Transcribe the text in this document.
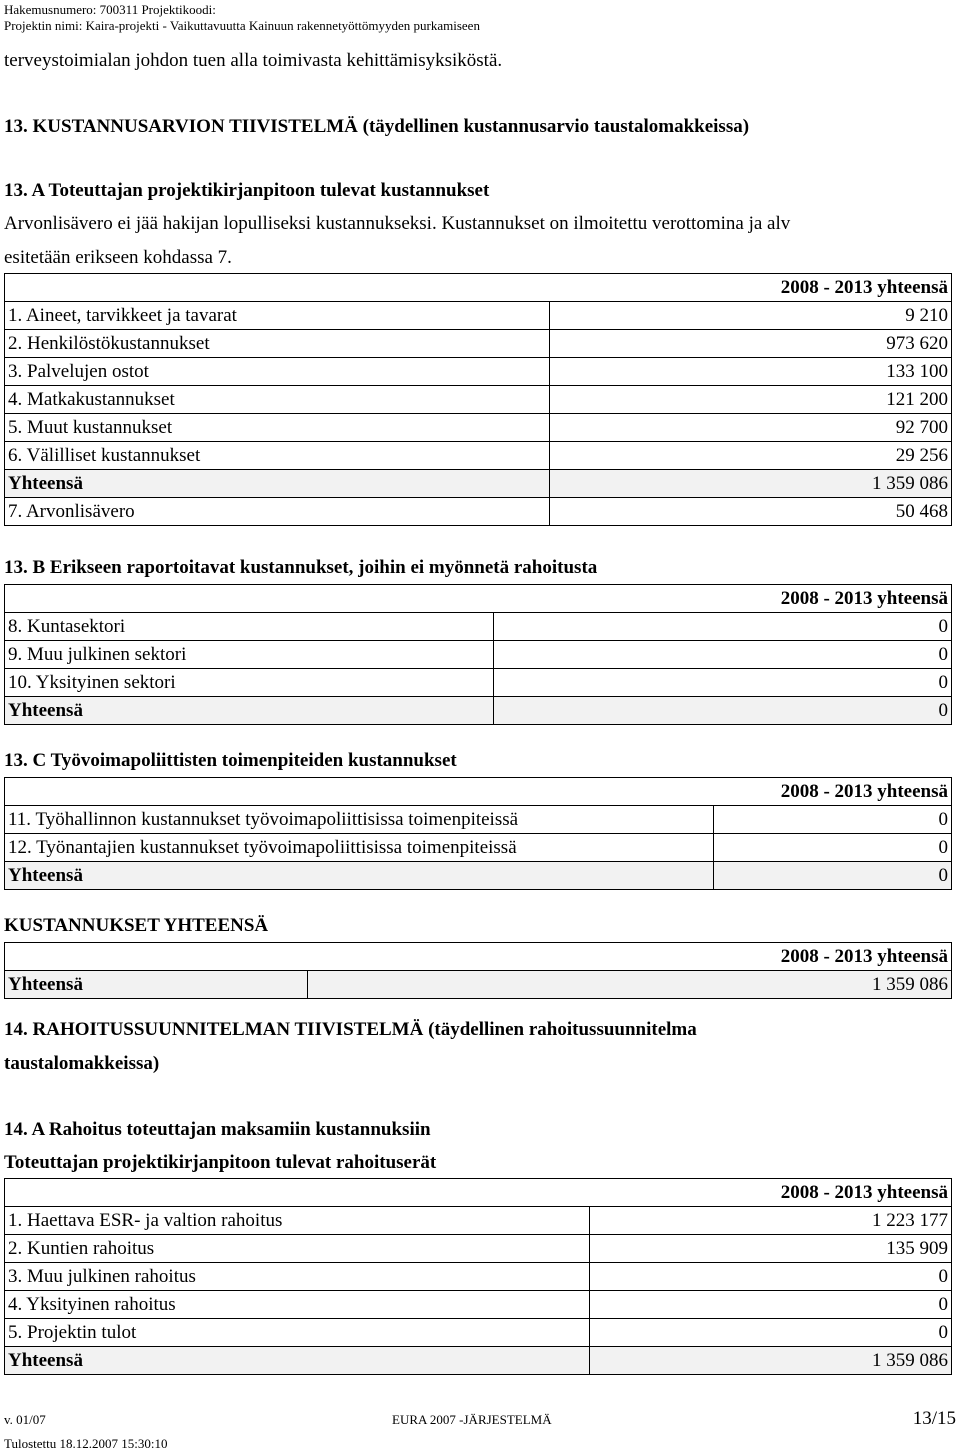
Hakemusnumero: 700311 Projektikoodi:
Projektin nimi: Kaira-projekti - Vaikuttavuutta Kainuun rakennetyöttömyyden purkamiseen
terveystoimialan johdon tuen alla toimivasta kehittämisyksiköstä.
13. KUSTANNUSARVION TIIVISTELMÄ (täydellinen kustannusarvio taustalomakkeissa)
13. A Toteuttajan projektikirjanpitoon tulevat kustannukset
Arvonlisävero ei jää hakijan lopulliseksi kustannukseksi. Kustannukset on ilmoitettu verottomina ja alv
esitetään erikseen kohdassa 7.
	2008 - 2013 yhteensä
1. Aineet, tarvikkeet ja tavarat	9 210
2. Henkilöstökustannukset	973 620
3. Palvelujen ostot	133 100
4. Matkakustannukset	121 200
5. Muut kustannukset	92 700
6. Välilliset kustannukset	29 256
Yhteensä	1 359 086
7. Arvonlisävero	50 468
13. B Erikseen raportoitavat kustannukset, joihin ei myönnetä rahoitusta
	2008 - 2013 yhteensä
8. Kuntasektori	0
9. Muu julkinen sektori	0
10. Yksityinen sektori	0
Yhteensä	0
13. C Työvoimapoliittisten toimenpiteiden kustannukset
	2008 - 2013 yhteensä
11. Työhallinnon kustannukset työvoimapoliittisissa toimenpiteissä	0
12. Työnantajien kustannukset työvoimapoliittisissa toimenpiteissä	0
Yhteensä	0
KUSTANNUKSET YHTEENSÄ
	2008 - 2013 yhteensä
Yhteensä	1 359 086
14. RAHOITUSSUUNNITELMAN TIIVISTELMÄ (täydellinen rahoitussuunnitelma
taustalomakkeissa)
14. A Rahoitus toteuttajan maksamiin kustannuksiin
Toteuttajan projektikirjanpitoon tulevat rahoituserät
	2008 - 2013 yhteensä
1. Haettava ESR- ja valtion rahoitus	1 223 177
2. Kuntien rahoitus	135 909
3. Muu julkinen rahoitus	0
4. Yksityinen rahoitus	0
5. Projektin tulot	0
Yhteensä	1 359 086
v. 01/07	EURA 2007 -JÄRJESTELMÄ	13/15
Tulostettu 18.12.2007 15:30:10
